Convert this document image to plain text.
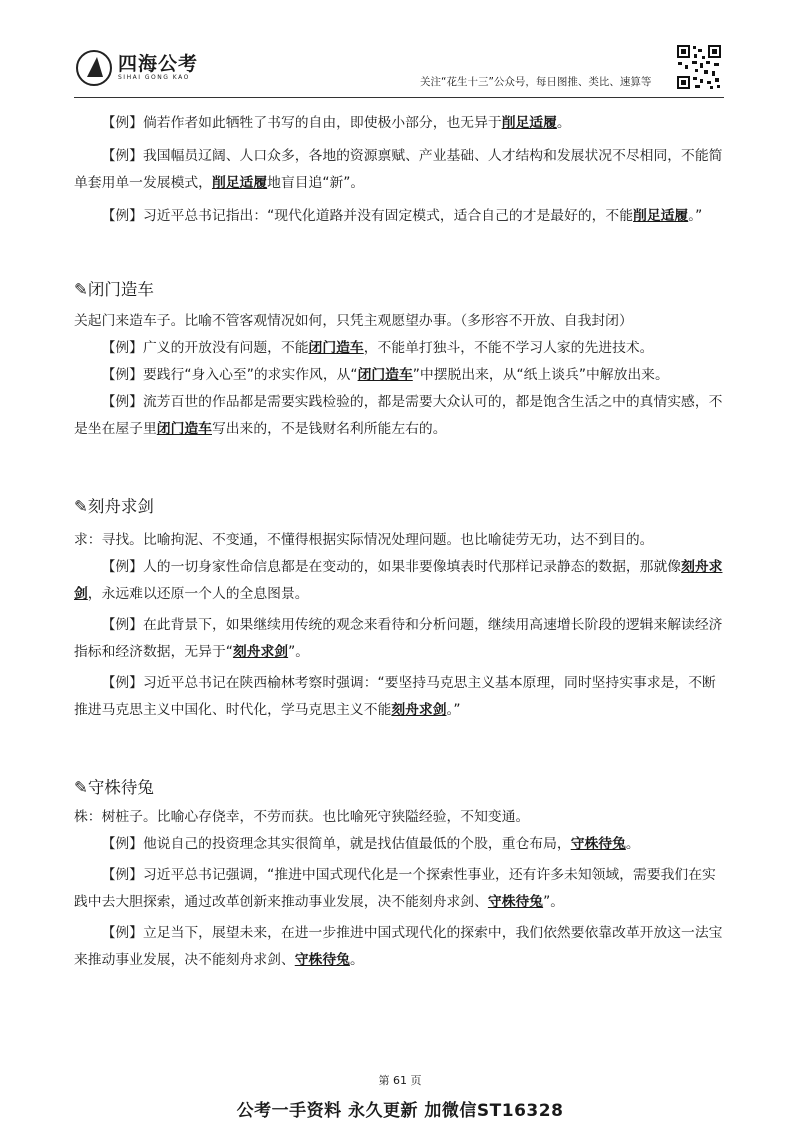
四海公考
SIHAI GONG KAO	关注“花生十三”公众号，每日图推、类比、速算等

【例】倘若作者如此牺牲了书写的自由，即使极小部分，也无异于削足适履。

【例】我国幅员辽阔、人口众多，各地的资源禀赋、产业基础、人才结构和发展状况不尽相同，不能简单套用单一发展模式，削足适履地盲目追“新”。

【例】习近平总书记指出：“现代化道路并没有固定模式，适合自己的才是最好的，不能削足适履。”

✎闭门造车

关起门来造车子。比喻不管客观情况如何，只凭主观愿望办事。（多形容不开放、自我封闭）

【例】广义的开放没有问题，不能闭门造车，不能单打独斗，不能不学习人家的先进技术。

【例】要践行“身入心至”的求实作风，从“闭门造车”中摆脱出来，从“纸上谈兵”中解放出来。

【例】流芳百世的作品都是需要实践检验的，都是需要大众认可的，都是饱含生活之中的真情实感，不是坐在屋子里闭门造车写出来的，不是钱财名利所能左右的。

✎刻舟求剑

求：寻找。比喻拘泥、不变通，不懂得根据实际情况处理问题。也比喻徒劳无功，达不到目的。

【例】人的一切身家性命信息都是在变动的，如果非要像填表时代那样记录静态的数据，那就像刻舟求剑，永远难以还原一个人的全息图景。

【例】在此背景下，如果继续用传统的观念来看待和分析问题，继续用高速增长阶段的逻辑来解读经济指标和经济数据，无异于“刻舟求剑”。

【例】习近平总书记在陕西榆林考察时强调：“要坚持马克思主义基本原理，同时坚持实事求是，不断推进马克思主义中国化、时代化，学马克思主义不能刻舟求剑。”

✎守株待兔

株：树桩子。比喻心存侥幸，不劳而获。也比喻死守狭隘经验，不知变通。

【例】他说自己的投资理念其实很简单，就是找估值最低的个股，重仓布局，守株待兔。

【例】习近平总书记强调，“推进中国式现代化是一个探索性事业，还有许多未知领域，需要我们在实践中去大胆探索，通过改革创新来推动事业发展，决不能刻舟求剑、守株待兔”。

【例】立足当下，展望未来，在进一步推进中国式现代化的探索中，我们依然要依靠改革开放这一法宝来推动事业发展，决不能刻舟求剑、守株待兔。

第 61 页
公考一手资料 永久更新 加微信ST16328
